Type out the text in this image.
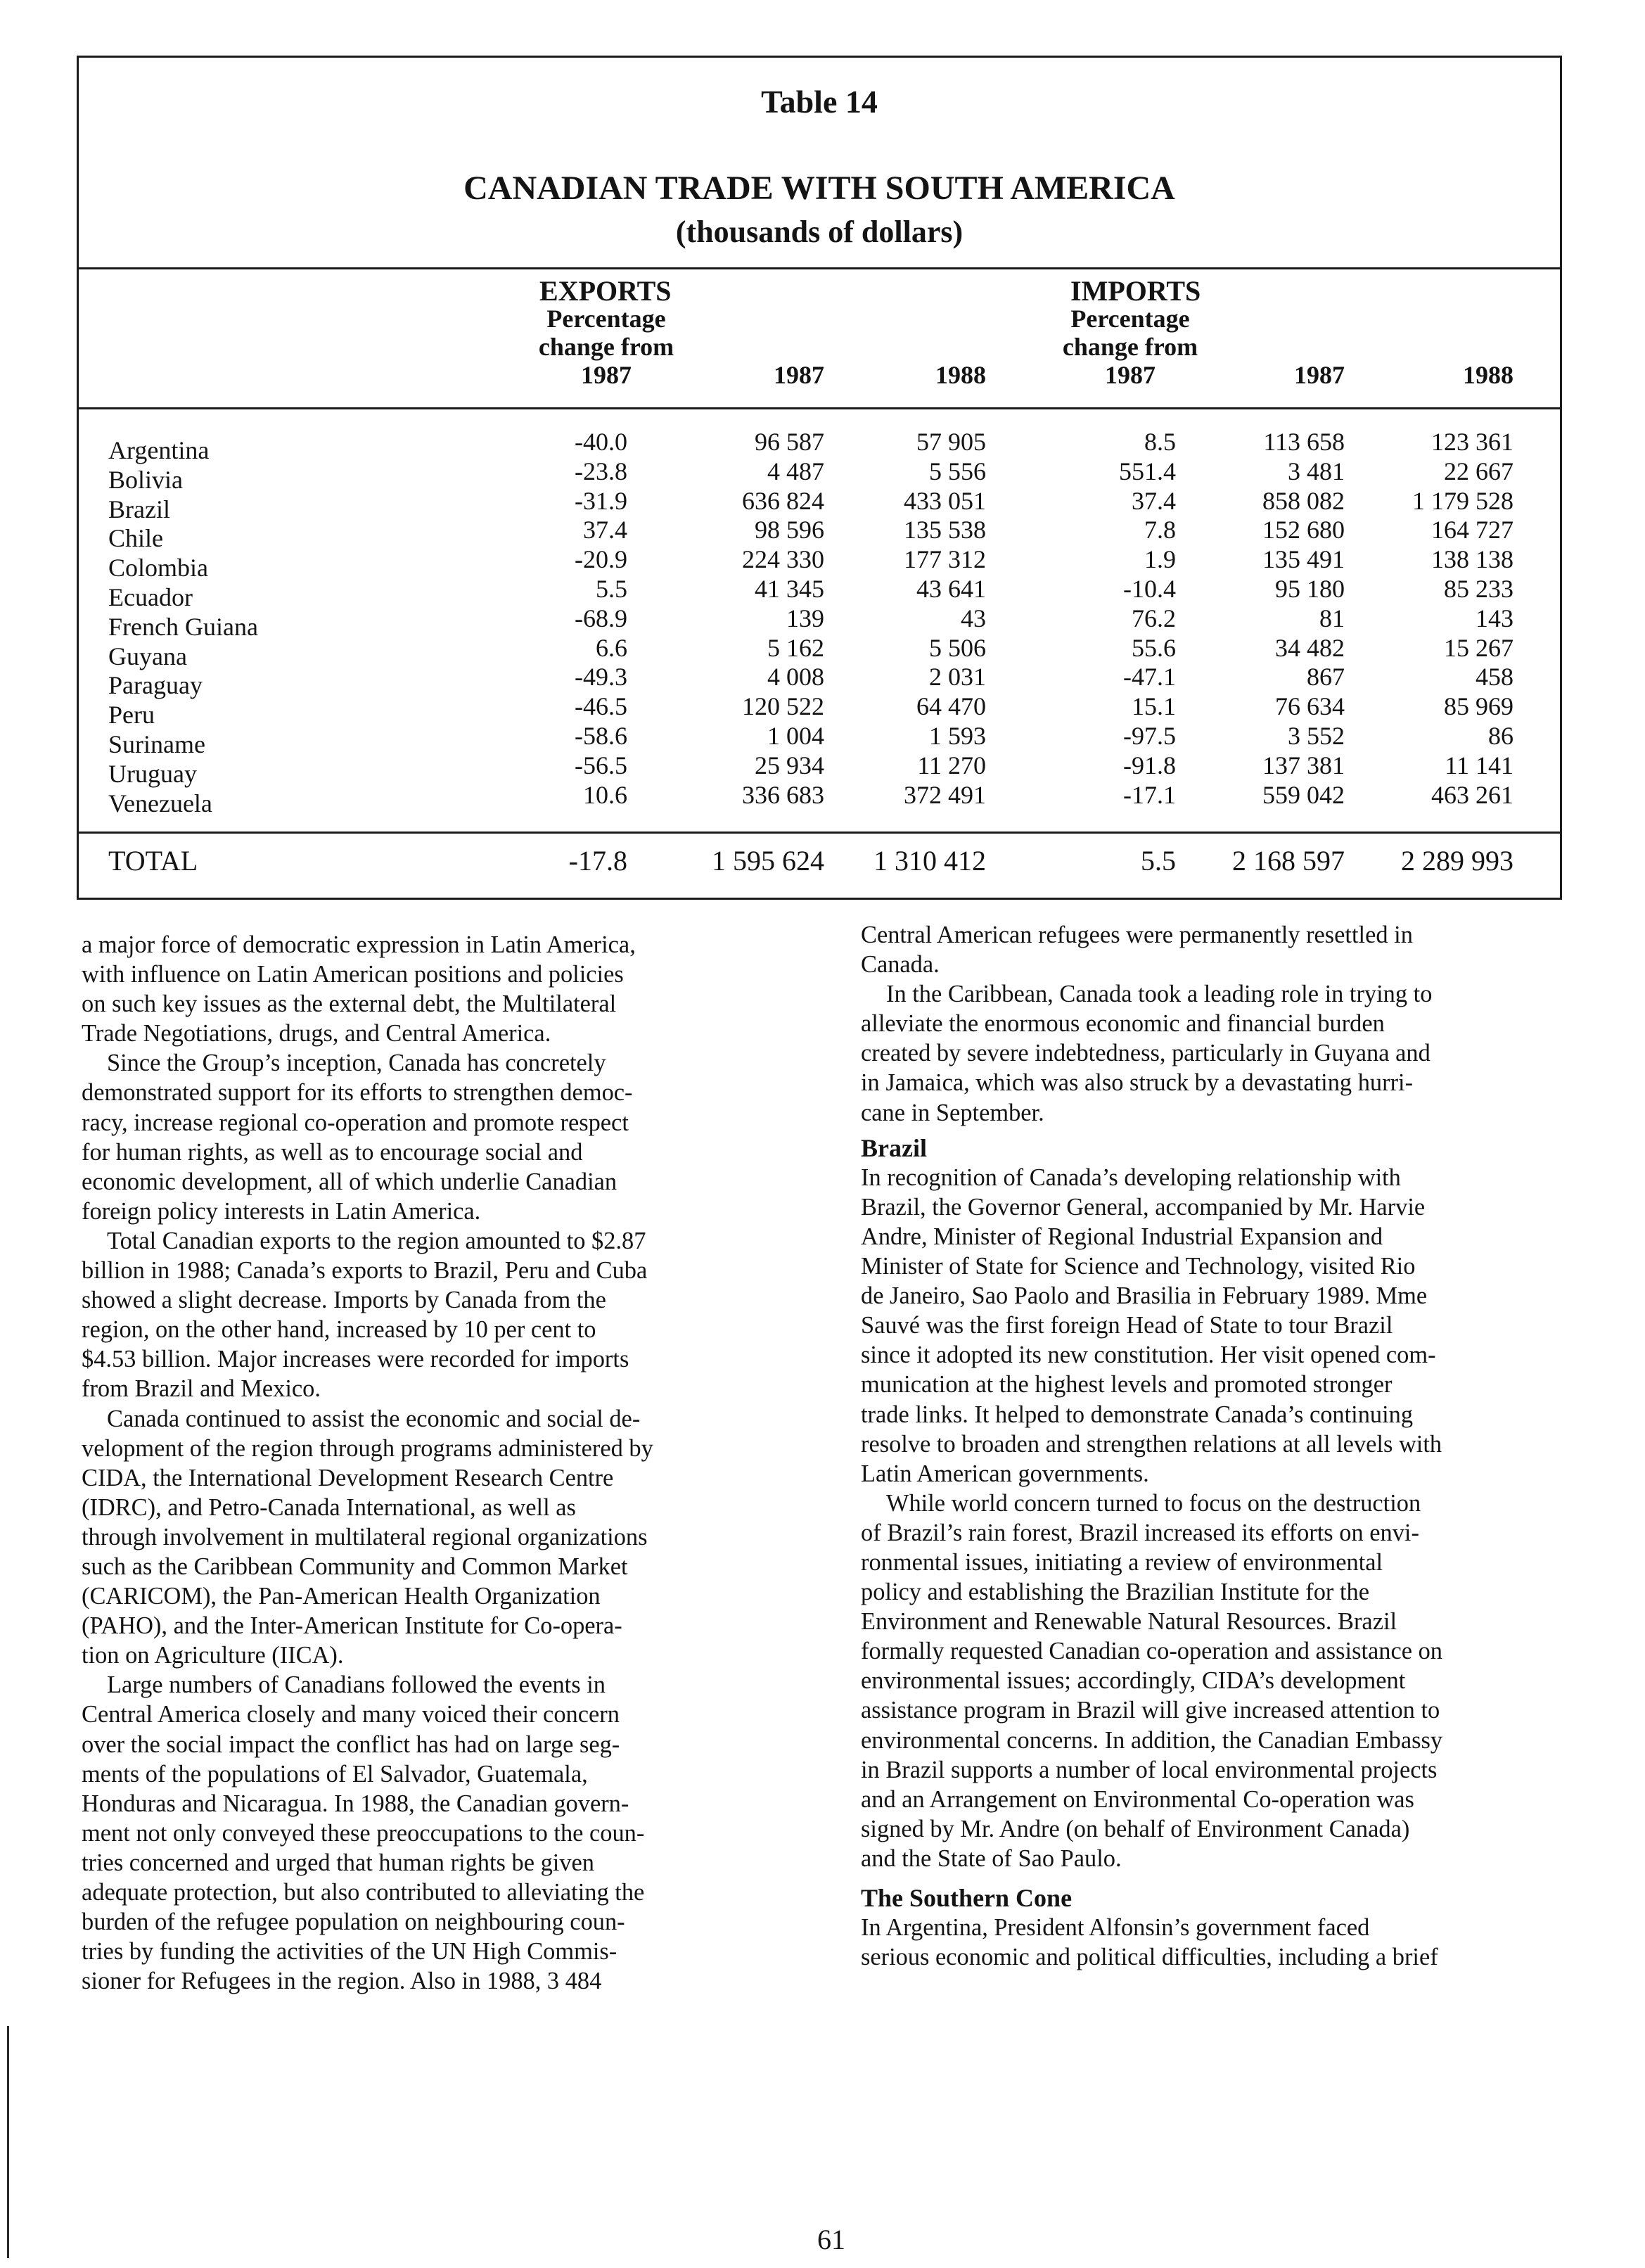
Table 14
CANADIAN TRADE WITH SOUTH AMERICA
(thousands of dollars)
EXPORTS	IMPORTS
Percentage
change from
1987	1987	1988
Percentage
change from
1987	1987	1988
Argentina	-40.0	96 587	57 905	8.5	113 658	123 361
Bolivia	-23.8	4 487	5 556	551.4	3 481	22 667
Brazil	-31.9	636 824	433 051	37.4	858 082	1 179 528
Chile	37.4	98 596	135 538	7.8	152 680	164 727
Colombia	-20.9	224 330	177 312	1.9	135 491	138 138
Ecuador	5.5	41 345	43 641	-10.4	95 180	85 233
French Guiana	-68.9	139	43	76.2	81	143
Guyana	6.6	5 162	5 506	55.6	34 482	15 267
Paraguay	-49.3	4 008	2 031	-47.1	867	458
Peru	-46.5	120 522	64 470	15.1	76 634	85 969
Suriname	-58.6	1 004	1 593	-97.5	3 552	86
Uruguay	-56.5	25 934	11 270	-91.8	137 381	11 141
Venezuela	10.6	336 683	372 491	-17.1	559 042	463 261
TOTAL	-17.8	1 595 624	1 310 412	5.5	2 168 597	2 289 993

a major force of democratic expression in Latin America,
with influence on Latin American positions and policies
on such key issues as the external debt, the Multilateral
Trade Negotiations, drugs, and Central America.

Since the Group’s inception, Canada has concretely
demonstrated support for its efforts to strengthen democ-
racy, increase regional co-operation and promote respect
for human rights, as well as to encourage social and
economic development, all of which underlie Canadian
foreign policy interests in Latin America.

Total Canadian exports to the region amounted to $2.87
billion in 1988; Canada’s exports to Brazil, Peru and Cuba
showed a slight decrease. Imports by Canada from the
region, on the other hand, increased by 10 per cent to
$4.53 billion. Major increases were recorded for imports
from Brazil and Mexico.

Canada continued to assist the economic and social de-
velopment of the region through programs administered by
CIDA, the International Development Research Centre
(IDRC), and Petro-Canada International, as well as
through involvement in multilateral regional organizations
such as the Caribbean Community and Common Market
(CARICOM), the Pan-American Health Organization
(PAHO), and the Inter-American Institute for Co-opera-
tion on Agriculture (IICA).

Large numbers of Canadians followed the events in
Central America closely and many voiced their concern
over the social impact the conflict has had on large seg-
ments of the populations of El Salvador, Guatemala,
Honduras and Nicaragua. In 1988, the Canadian govern-
ment not only conveyed these preoccupations to the coun-
tries concerned and urged that human rights be given
adequate protection, but also contributed to alleviating the
burden of the refugee population on neighbouring coun-
tries by funding the activities of the UN High Commis-
sioner for Refugees in the region. Also in 1988, 3 484

Central American refugees were permanently resettled in
Canada.

In the Caribbean, Canada took a leading role in trying to
alleviate the enormous economic and financial burden
created by severe indebtedness, particularly in Guyana and
in Jamaica, which was also struck by a devastating hurri-
cane in September.

Brazil

In recognition of Canada’s developing relationship with
Brazil, the Governor General, accompanied by Mr. Harvie
Andre, Minister of Regional Industrial Expansion and
Minister of State for Science and Technology, visited Rio
de Janeiro, Sao Paolo and Brasilia in February 1989. Mme
Sauvé was the first foreign Head of State to tour Brazil
since it adopted its new constitution. Her visit opened com-
munication at the highest levels and promoted stronger
trade links. It helped to demonstrate Canada’s continuing
resolve to broaden and strengthen relations at all levels with
Latin American governments.

While world concern turned to focus on the destruction
of Brazil’s rain forest, Brazil increased its efforts on envi-
ronmental issues, initiating a review of environmental
policy and establishing the Brazilian Institute for the
Environment and Renewable Natural Resources. Brazil
formally requested Canadian co-operation and assistance on
environmental issues; accordingly, CIDA’s development
assistance program in Brazil will give increased attention to
environmental concerns. In addition, the Canadian Embassy
in Brazil supports a number of local environmental projects
and an Arrangement on Environmental Co-operation was
signed by Mr. Andre (on behalf of Environment Canada)
and the State of Sao Paulo.

The Southern Cone

In Argentina, President Alfonsin’s government faced
serious economic and political difficulties, including a brief

61
